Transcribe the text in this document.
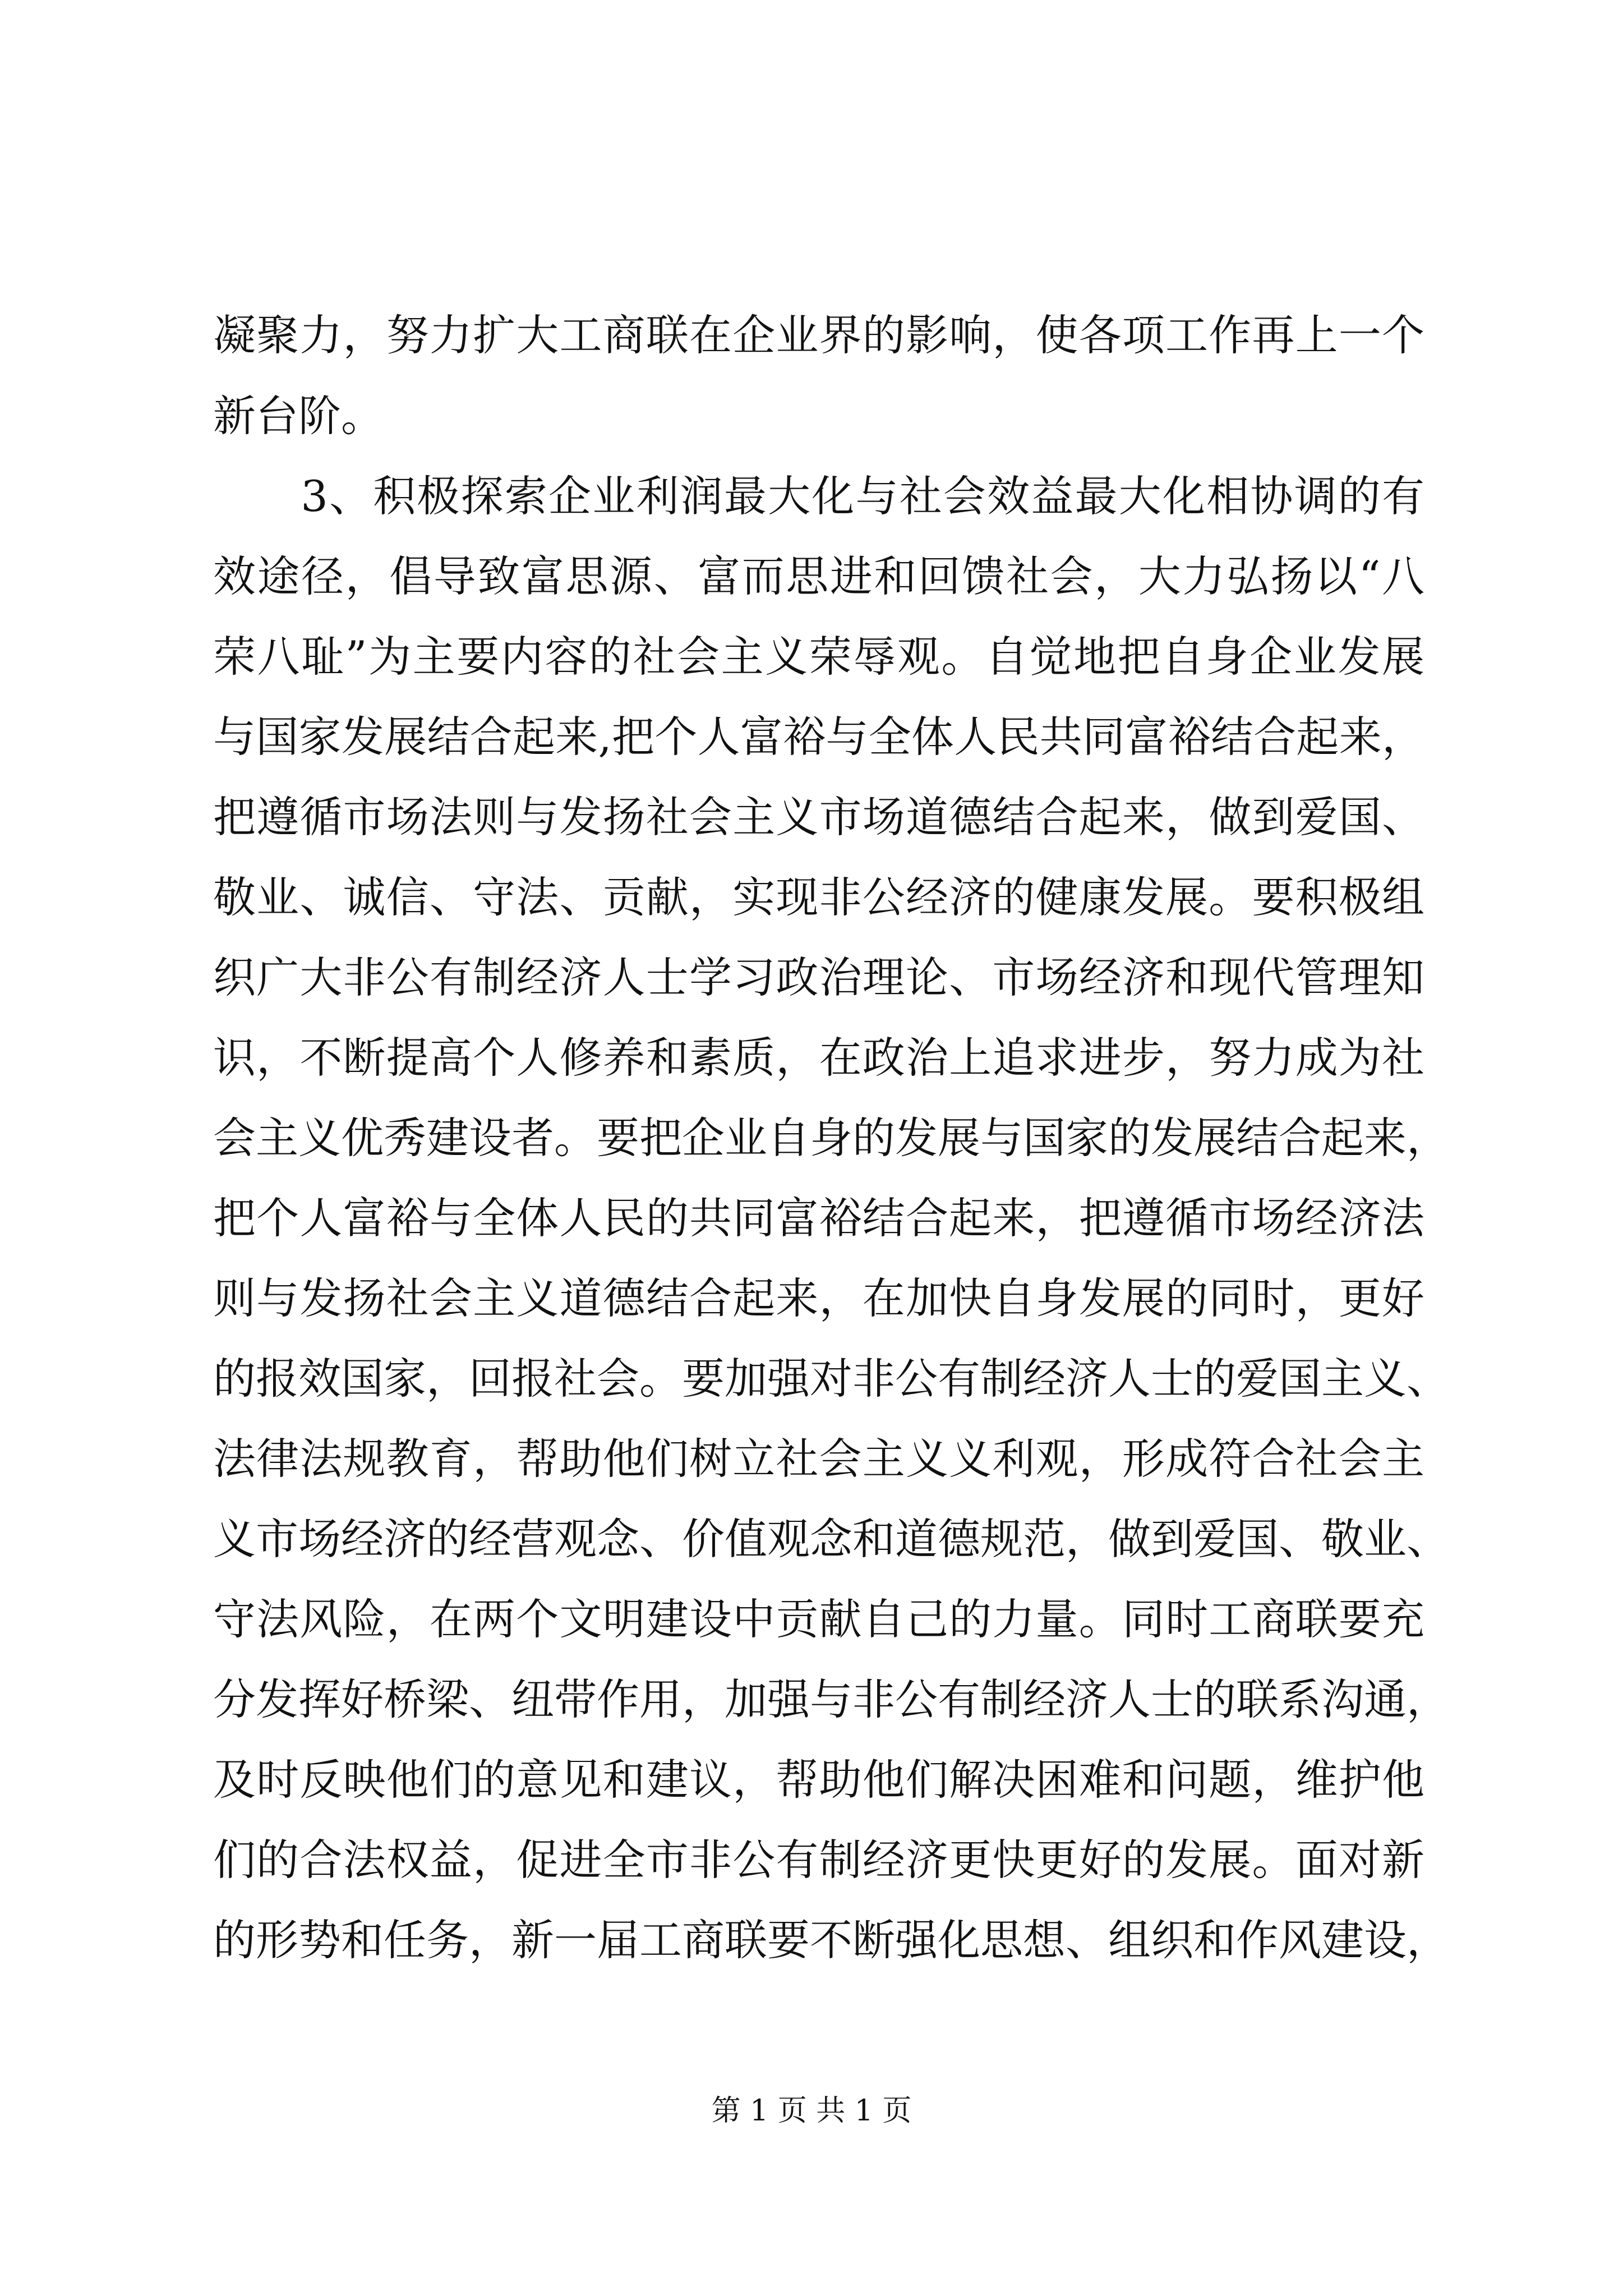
凝聚力，努力扩大工商联在企业界的影响，使各项工作再上一个
新台阶。
　　3、积极探索企业利润最大化与社会效益最大化相协调的有
效途径，倡导致富思源、富而思进和回馈社会，大力弘扬以“八
荣八耻”为主要内容的社会主义荣辱观。自觉地把自身企业发展
与国家发展结合起来,把个人富裕与全体人民共同富裕结合起来，
把遵循市场法则与发扬社会主义市场道德结合起来，做到爱国、
敬业、诚信、守法、贡献，实现非公经济的健康发展。要积极组
织广大非公有制经济人士学习政治理论、市场经济和现代管理知
识，不断提高个人修养和素质，在政治上追求进步，努力成为社
会主义优秀建设者。要把企业自身的发展与国家的发展结合起来，
把个人富裕与全体人民的共同富裕结合起来，把遵循市场经济法
则与发扬社会主义道德结合起来，在加快自身发展的同时，更好
的报效国家，回报社会。要加强对非公有制经济人士的爱国主义、
法律法规教育，帮助他们树立社会主义义利观，形成符合社会主
义市场经济的经营观念、价值观念和道德规范，做到爱国、敬业、
守法风险，在两个文明建设中贡献自己的力量。同时工商联要充
分发挥好桥梁、纽带作用，加强与非公有制经济人士的联系沟通，
及时反映他们的意见和建议，帮助他们解决困难和问题，维护他
们的合法权益，促进全市非公有制经济更快更好的发展。面对新
的形势和任务，新一届工商联要不断强化思想、组织和作风建设，
第 1 页 共 1 页
